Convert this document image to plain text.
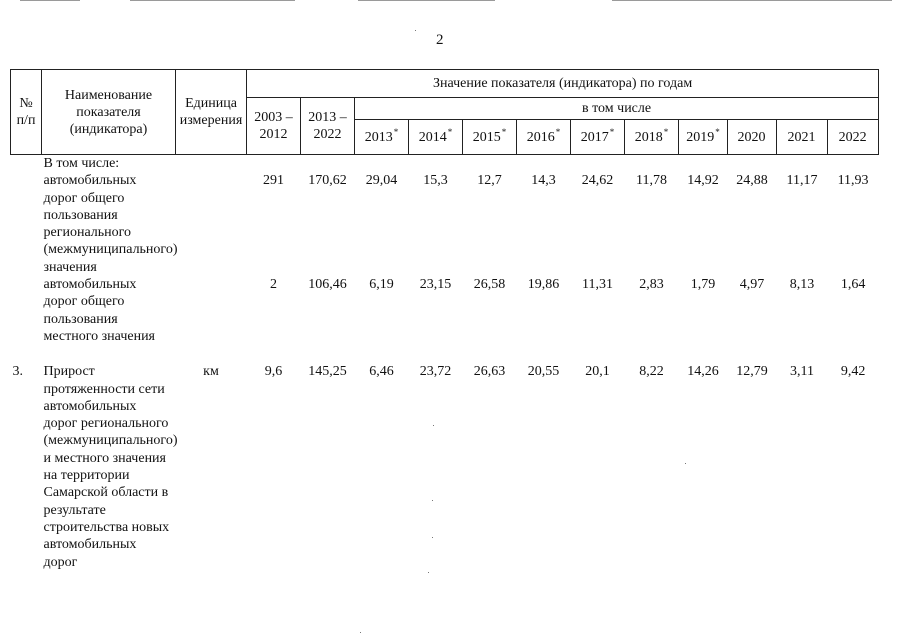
2
№ п/п	Наименование показателя (индикатора)	Единица измерения	Значение показателя (индикатора) по годам											
			2003 – 2012	2013 – 2022	в том числе									
					2013*	2014*	2015*	2016*	2017*	2018*	2019*	2020	2021	2022
	В том числе:													

	автомобильных дорог общего пользования регионального (межмуниципального) значения		291	170,62	29,04	15,3	12,7	14,3	24,62	11,78	14,92	24,88	11,17	11,93

	автомобильных дорог общего пользования местного значения		2	106,46	6,19	23,15	26,58	19,86	11,31	2,83	1,79	4,97	8,13	1,64
3.	Прирост протяженности сети автомобильных дорог регионального (межмуниципального) и местного значения на территории Самарской области в результате строительства новых автомобильных дорог	км	9,6	145,25	6,46	23,72	26,63	20,55	20,1	8,22	14,26	12,79	3,11	9,42
